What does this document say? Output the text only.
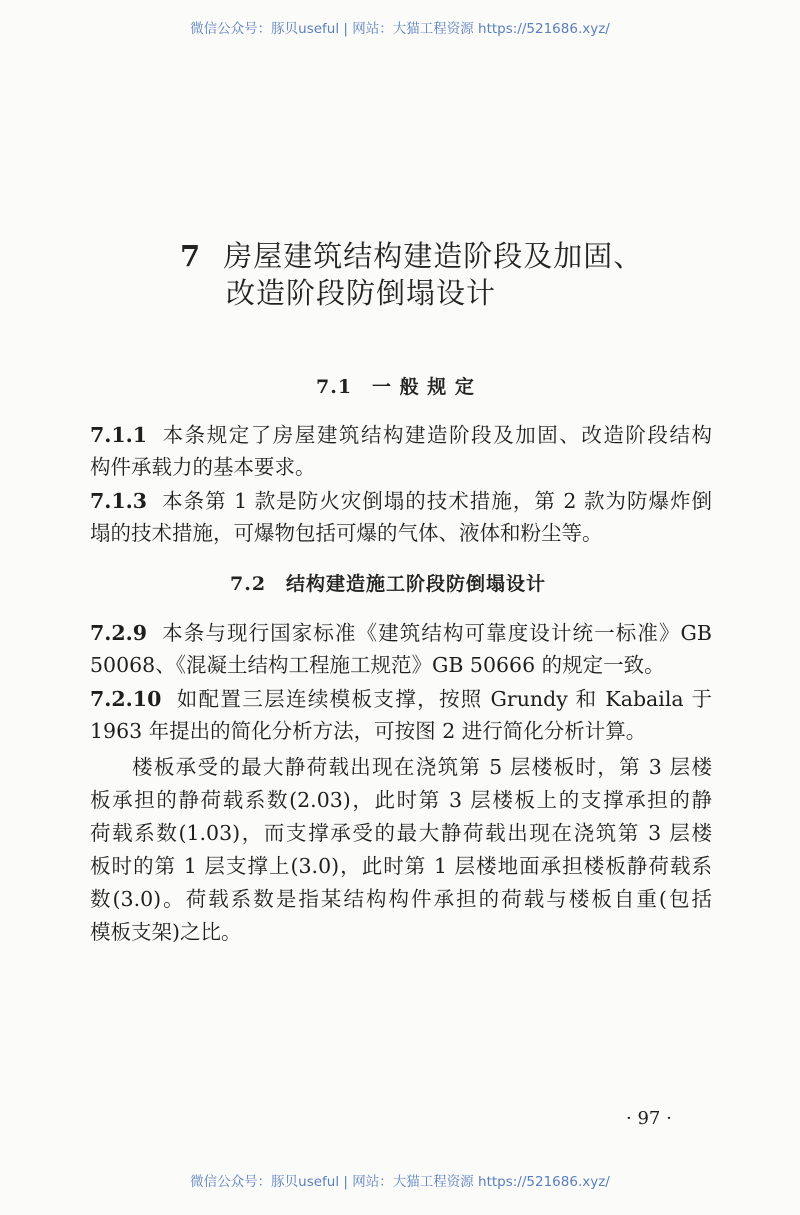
微信公众号：豚贝useful | 网站：大猫工程资源 https://521686.xyz/
7 房屋建筑结构建造阶段及加固、
改造阶段防倒塌设计
7.1　一 般 规 定
7.1.1 本条规定了房屋建筑结构建造阶段及加固、改造阶段结构
构件承载力的基本要求。
7.1.3 本条第 1 款是防火灾倒塌的技术措施，第 2 款为防爆炸倒
塌的技术措施，可爆物包括可爆的气体、液体和粉尘等。
7.2　结构建造施工阶段防倒塌设计
7.2.9 本条与现行国家标准《建筑结构可靠度设计统一标准》GB
50068、《混凝土结构工程施工规范》GB 50666 的规定一致。
7.2.10 如配置三层连续模板支撑，按照 Grundy 和 Kabaila 于
1963 年提出的简化分析方法，可按图 2 进行简化分析计算。
楼板承受的最大静荷载出现在浇筑第 5 层楼板时，第 3 层楼
板承担的静荷载系数(2.03)，此时第 3 层楼板上的支撑承担的静
荷载系数(1.03)，而支撑承受的最大静荷载出现在浇筑第 3 层楼
板时的第 1 层支撑上(3.0)，此时第 1 层楼地面承担楼板静荷载系
数(3.0)。荷载系数是指某结构构件承担的荷载与楼板自重(包括
模板支架)之比。
· 97 ·
微信公众号：豚贝useful | 网站：大猫工程资源 https://521686.xyz/
